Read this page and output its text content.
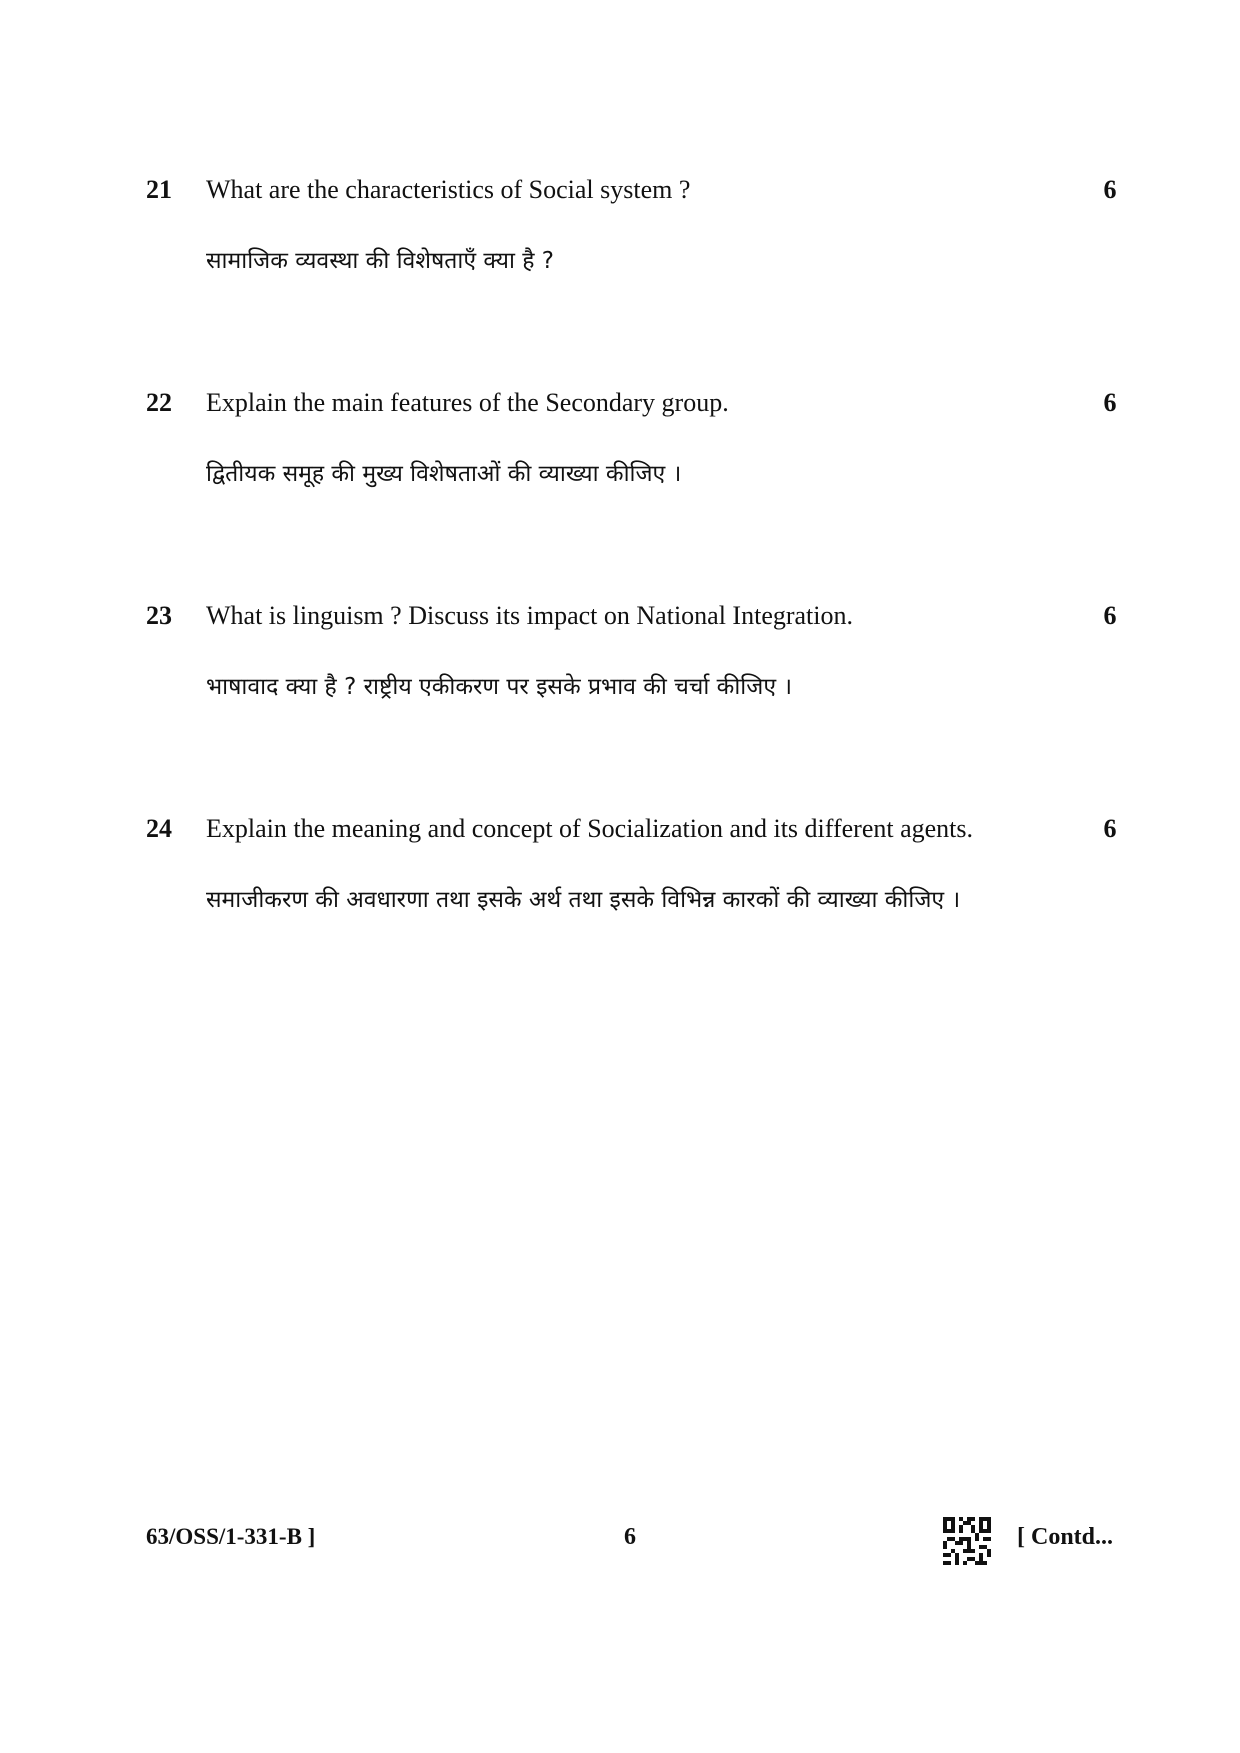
21 What are the characteristics of Social system ?	6
सामाजिक व्यवस्था की विशेषताएँ क्या है ?
22 Explain the main features of the Secondary group.	6
द्वितीयक समूह की मुख्य विशेषताओं की व्याख्या कीजिए ।
23 What is linguism ? Discuss its impact on National Integration.	6
भाषावाद क्या है ? राष्ट्रीय एकीकरण पर इसके प्रभाव की चर्चा कीजिए ।
24 Explain the meaning and concept of Socialization and its different agents.	6
समाजीकरण की अवधारणा तथा इसके अर्थ तथा इसके विभिन्न कारकों की व्याख्या कीजिए ।
63/OSS/1-331-B ]	6	[ Contd...
